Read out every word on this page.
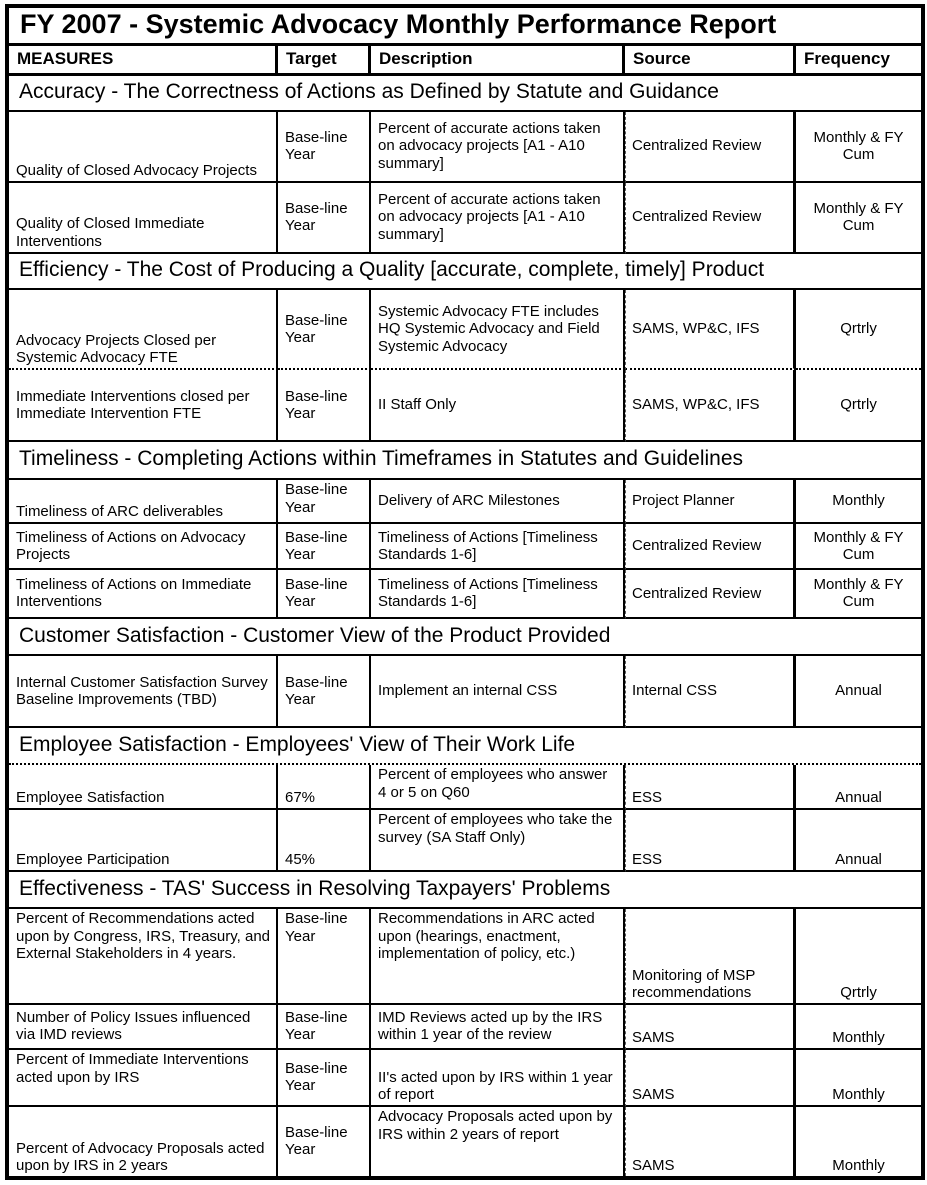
FY 2007 - Systemic Advocacy Monthly Performance Report				
MEASURES	Target	Description	Source	Frequency
Accuracy - The Correctness of Actions as Defined by Statute and Guidance				
Quality of Closed Advocacy Projects	Base-line Year	Percent of accurate actions taken on advocacy projects [A1 - A10 summary]	Centralized Review	Monthly & FY Cum
Quality of Closed Immediate Interventions	Base-line Year	Percent of accurate actions taken on advocacy projects [A1 - A10 summary]	Centralized Review	Monthly & FY Cum
Efficiency - The Cost of Producing a Quality [accurate, complete, timely] Product				
Advocacy Projects Closed per Systemic Advocacy FTE	Base-line Year	Systemic Advocacy FTE includes HQ Systemic Advocacy and Field Systemic Advocacy	SAMS, WP&C, IFS	Qrtrly
Immediate Interventions closed per Immediate Intervention FTE	Base-line Year	II Staff Only	SAMS, WP&C, IFS	Qrtrly
Timeliness - Completing Actions within Timeframes in Statutes and Guidelines				
Timeliness of ARC deliverables	Base-line Year	Delivery of ARC Milestones	Project Planner	Monthly
Timeliness of Actions on Advocacy Projects	Base-line Year	Timeliness of Actions [Timeliness Standards 1-6]	Centralized Review	Monthly & FY Cum
Timeliness of Actions on Immediate Interventions	Base-line Year	Timeliness of Actions [Timeliness Standards 1-6]	Centralized Review	Monthly & FY Cum
Customer Satisfaction - Customer View of the Product Provided				
Internal Customer Satisfaction Survey Baseline Improvements (TBD)	Base-line Year	Implement an internal CSS	Internal CSS	Annual
Employee Satisfaction - Employees' View of Their Work Life				
Employee Satisfaction	67%	Percent of employees who answer 4 or 5 on Q60	ESS	Annual
Employee Participation	45%	Percent of employees who take the survey (SA Staff Only)	ESS	Annual
Effectiveness - TAS' Success in Resolving Taxpayers' Problems				
Percent of Recommendations acted upon by Congress, IRS, Treasury, and External Stakeholders in 4 years.	Base-line Year	Recommendations in ARC acted upon (hearings, enactment, implementation of policy, etc.)	Monitoring of MSP recommendations	Qrtrly
Number of Policy Issues influenced via IMD reviews	Base-line Year	IMD Reviews acted up by the IRS within 1 year of the review	SAMS	Monthly
Percent of Immediate Interventions acted upon by IRS	Base-line Year	II's acted upon by IRS within 1 year of report	SAMS	Monthly
Percent of Advocacy Proposals acted upon by IRS in 2 years	Base-line Year	Advocacy Proposals acted upon by IRS within 2 years of report	SAMS	Monthly
